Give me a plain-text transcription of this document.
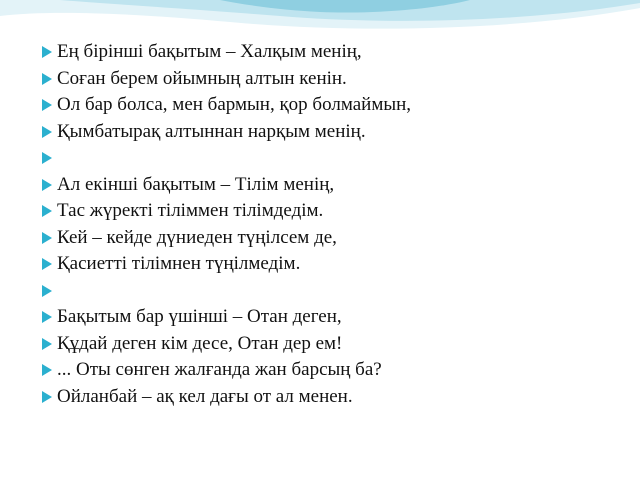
Ең бірінші бақытым – Халқым менің,
Соған берем ойымның алтын кенін.
Ол бар болса, мен бармын, қор болмаймын,
Қымбатырақ алтыннан нарқым менің.
Ал екінші бақытым – Тілім менің,
Тас жүректі тіліммен тілімдедім.
Кей – кейде дүниеден түңілсем де,
Қасиетті тілімнен түңілмедім.
Бақытым бар үшінші – Отан деген,
Құдай деген кім десе, Отан дер ем!
... Оты сөнген жалғанда жан барсың ба?
Ойланбай – ақ кел дағы от ал менен.
